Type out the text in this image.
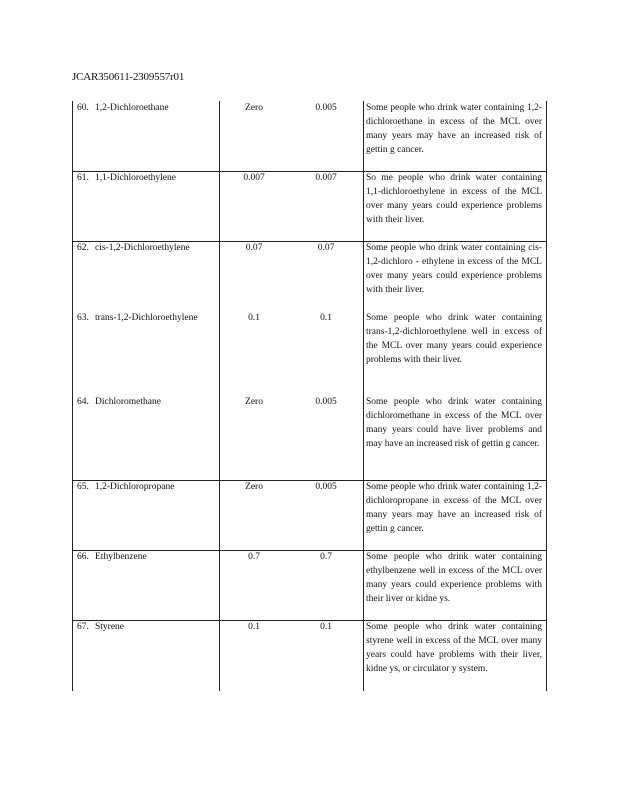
JCAR350611-2309557r01
60. 1,2-Dichloroethane	Zero	0.005	Some people who drink water containing 1,2-dichloroethane in excess of the MCL over many years may have an increased risk of gettin g cancer.
61. 1,1-Dichloroethylene	0.007	0.007	So me people who drink water containing 1,1-dichloroethylene in excess of the MCL over many years could experience problems with their liver.
62. cis-1,2-Dichloroethylene	0.07	0.07	Some people who drink water containing cis-1,2-dichloro - ethylene in excess of the MCL over many years could experience problems with their liver.
63. trans-1,2-Dichloroethylene	0.1	0.1	Some people who drink water containing trans-1,2-dichloroethylene well in excess of the MCL over many years could experience problems with their liver.
64. Dichloromethane	Zero	0.005	Some people who drink water containing dichloromethane in excess of the MCL over many years could have liver problems and may have an increased risk of gettin g cancer.
65. 1,2-Dichloropropane	Zero	0.005	Some people who drink water containing 1,2-dichloropropane in excess of the MCL over many years may have an increased risk of gettin g cancer.
66. Ethylbenzene	0.7	0.7	Some people who drink water containing ethylbenzene well in excess of the MCL over many years could experience problems with their liver or kidne ys.
67. Styrene	0.1	0.1	Some people who drink water containing styrene well in excess of the MCL over many years could have problems with their liver, kidne ys, or circulator y system.
